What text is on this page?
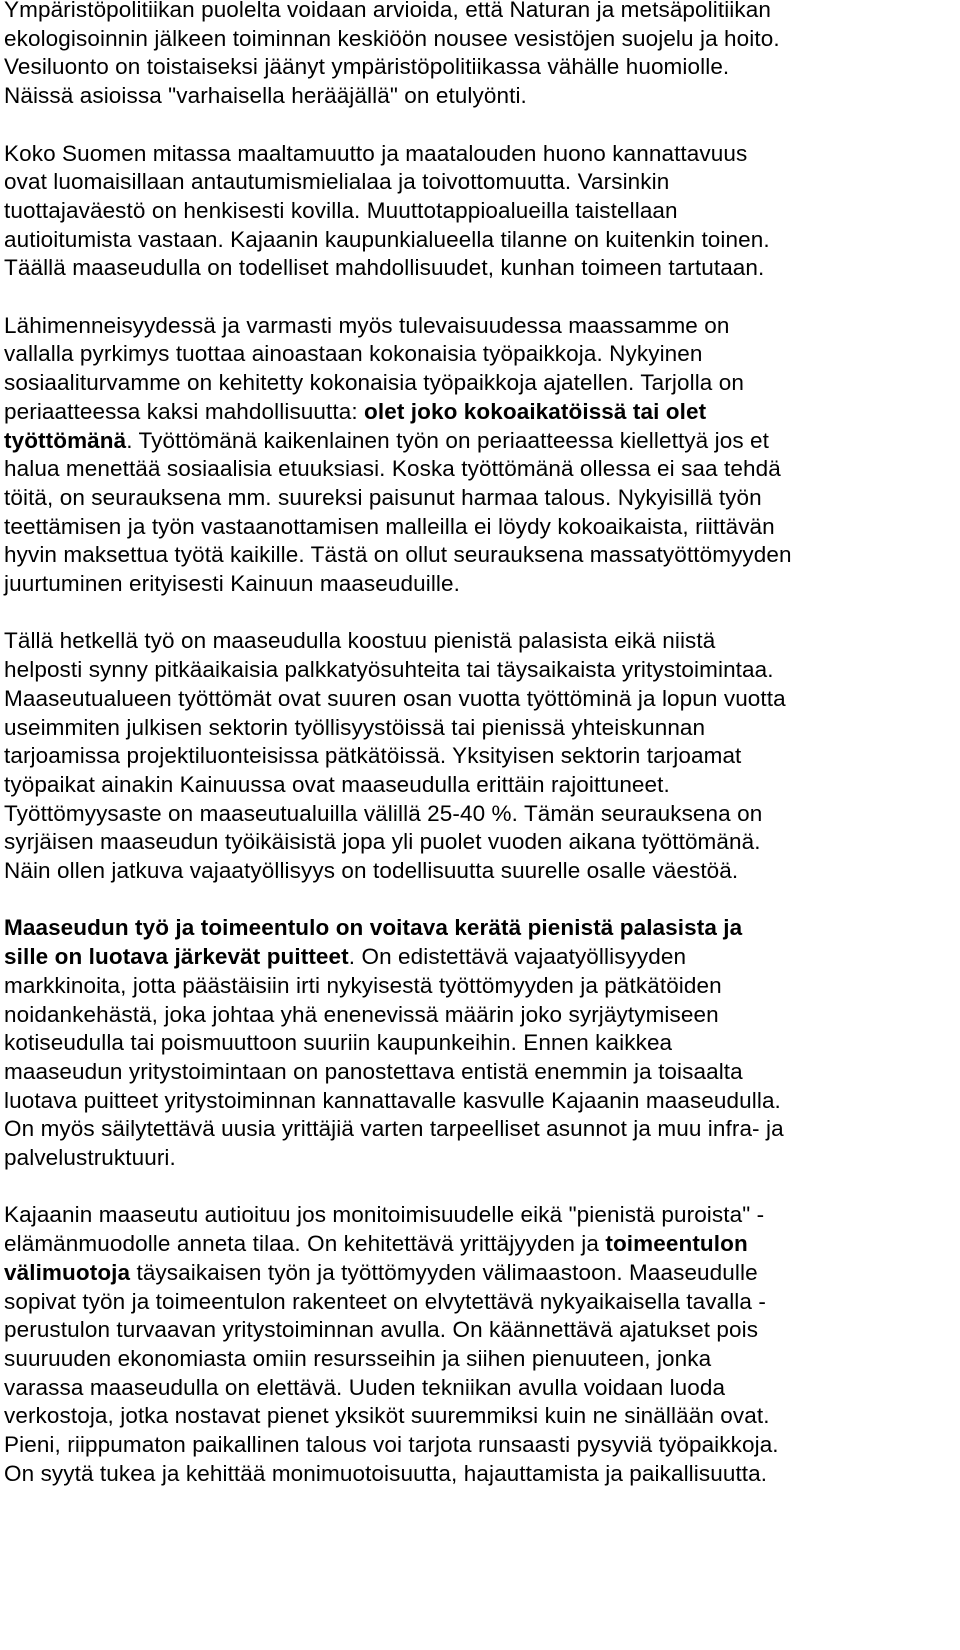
Ympäristöpolitiikan puolelta voidaan arvioida, että Naturan ja metsäpolitiikan
ekologisoinnin jälkeen toiminnan keskiöön nousee vesistöjen suojelu ja hoito.
Vesiluonto on toistaiseksi jäänyt ympäristöpolitiikassa vähälle huomiolle.
Näissä asioissa "varhaisella herääjällä" on etulyönti.

Koko Suomen mitassa maaltamuutto ja maatalouden huono kannattavuus
ovat luomaisillaan antautumismielialaa ja toivottomuutta. Varsinkin
tuottajaväestö on henkisesti kovilla. Muuttotappioalueilla taistellaan
autioitumista vastaan. Kajaanin kaupunkialueella tilanne on kuitenkin toinen.
Täällä maaseudulla on todelliset mahdollisuudet, kunhan toimeen tartutaan.

Lähimenneisyydessä ja varmasti myös tulevaisuudessa maassamme on
vallalla pyrkimys tuottaa ainoastaan kokonaisia työpaikkoja. Nykyinen
sosiaaliturvamme on kehitetty kokonaisia työpaikkoja ajatellen. Tarjolla on
periaatteessa kaksi mahdollisuutta: olet joko kokoaikatöissä tai olet
työttömänä. Työttömänä kaikenlainen työn on periaatteessa kiellettyä jos et
halua menettää sosiaalisia etuuksiasi. Koska työttömänä ollessa ei saa tehdä
töitä, on seurauksena mm. suureksi paisunut harmaa talous. Nykyisillä työn
teettämisen ja työn vastaanottamisen malleilla ei löydy kokoaikaista, riittävän
hyvin maksettua työtä kaikille. Tästä on ollut seurauksena massatyöttömyyden
juurtuminen erityisesti Kainuun maaseuduille.

Tällä hetkellä työ on maaseudulla koostuu pienistä palasista eikä niistä
helposti synny pitkäaikaisia palkkatyösuhteita tai täysaikaista yritystoimintaa.
Maaseutualueen työttömät ovat suuren osan vuotta työttöminä ja lopun vuotta
useimmiten julkisen sektorin työllisyystöissä tai pienissä yhteiskunnan
tarjoamissa projektiluonteisissa pätkätöissä. Yksityisen sektorin tarjoamat
työpaikat ainakin Kainuussa ovat maaseudulla erittäin rajoittuneet.
Työttömyysaste on maaseutualuilla välillä 25-40 %. Tämän seurauksena on
syrjäisen maaseudun työikäisistä jopa yli puolet vuoden aikana työttömänä.
Näin ollen jatkuva vajaatyöllisyys on todellisuutta suurelle osalle väestöä.

Maaseudun työ ja toimeentulo on voitava kerätä pienistä palasista ja
sille on luotava järkevät puitteet. On edistettävä vajaatyöllisyyden
markkinoita, jotta päästäisiin irti nykyisestä työttömyyden ja pätkätöiden
noidankehästä, joka johtaa yhä enenevissä määrin joko syrjäytymiseen
kotiseudulla tai poismuuttoon suuriin kaupunkeihin. Ennen kaikkea
maaseudun yritystoimintaan on panostettava entistä enemmin ja toisaalta
luotava puitteet yritystoiminnan kannattavalle kasvulle Kajaanin maaseudulla.
On myös säilytettävä uusia yrittäjiä varten tarpeelliset asunnot ja muu infra- ja
palvelustruktuuri.

Kajaanin maaseutu autioituu jos monitoimisuudelle eikä "pienistä puroista" -
elämänmuodolle anneta tilaa. On kehitettävä yrittäjyyden ja toimeentulon
välimuotoja täysaikaisen työn ja työttömyyden välimaastoon. Maaseudulle
sopivat työn ja toimeentulon rakenteet on elvytettävä nykyaikaisella tavalla -
perustulon turvaavan yritystoiminnan avulla. On käännettävä ajatukset pois
suuruuden ekonomiasta omiin resursseihin ja siihen pienuuteen, jonka
varassa maaseudulla on elettävä. Uuden tekniikan avulla voidaan luoda
verkostoja, jotka nostavat pienet yksiköt suuremmiksi kuin ne sinällään ovat.
Pieni, riippumaton paikallinen talous voi tarjota runsaasti pysyviä työpaikkoja.
On syytä tukea ja kehittää monimuotoisuutta, hajauttamista ja paikallisuutta.
